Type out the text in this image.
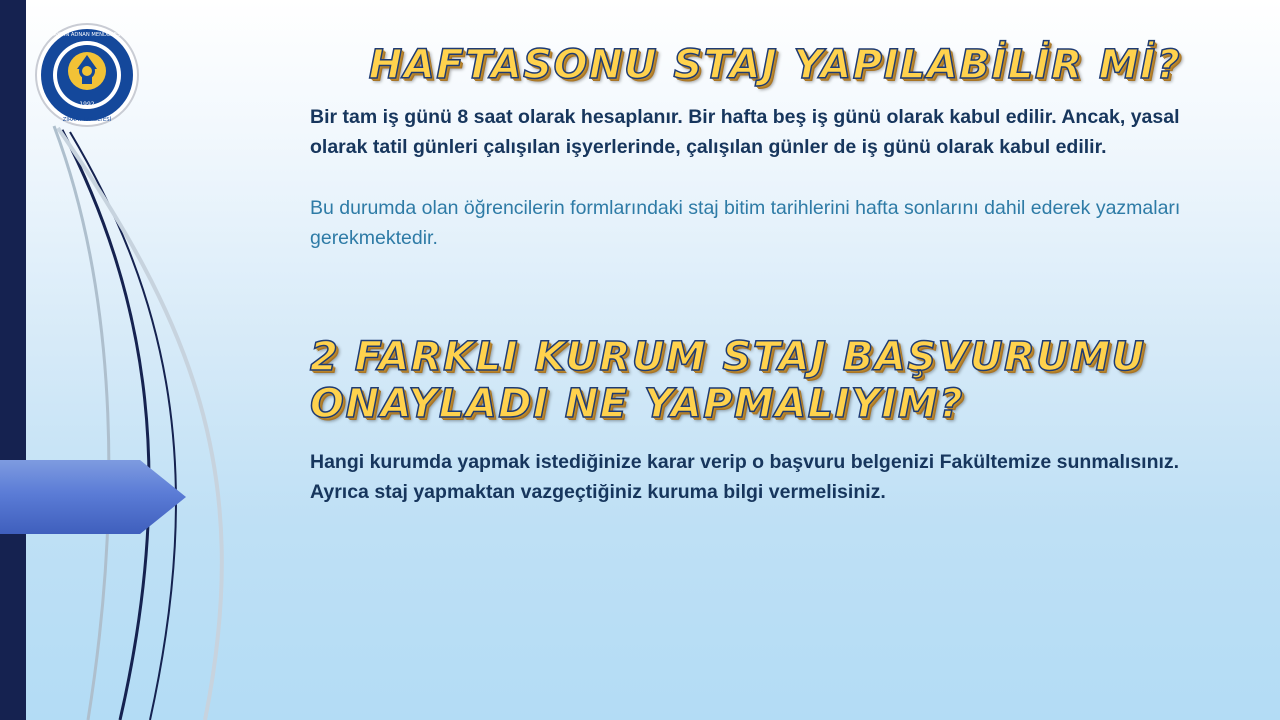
1992
AYDIN ADNAN MENDERES
ZİRAAT FAKÜLTESİ
HAFTASONU STAJ YAPILABİLİR Mİ?

Bir tam iş günü 8 saat olarak hesaplanır. Bir hafta beş iş günü olarak kabul edilir. Ancak, yasal olarak tatil günleri çalışılan işyerlerinde, çalışılan günler de iş günü olarak kabul edilir.

Bu durumda olan öğrencilerin formlarındaki staj bitim tarihlerini hafta sonlarını dahil ederek yazmaları gerekmektedir.

2 FARKLI KURUM STAJ BAŞVURUMU ONAYLADI NE YAPMALIYIM?

Hangi kurumda yapmak istediğinize karar verip o başvuru belgenizi Fakültemize sunmalısınız. Ayrıca staj yapmaktan vazgeçtiğiniz kuruma bilgi vermelisiniz.
